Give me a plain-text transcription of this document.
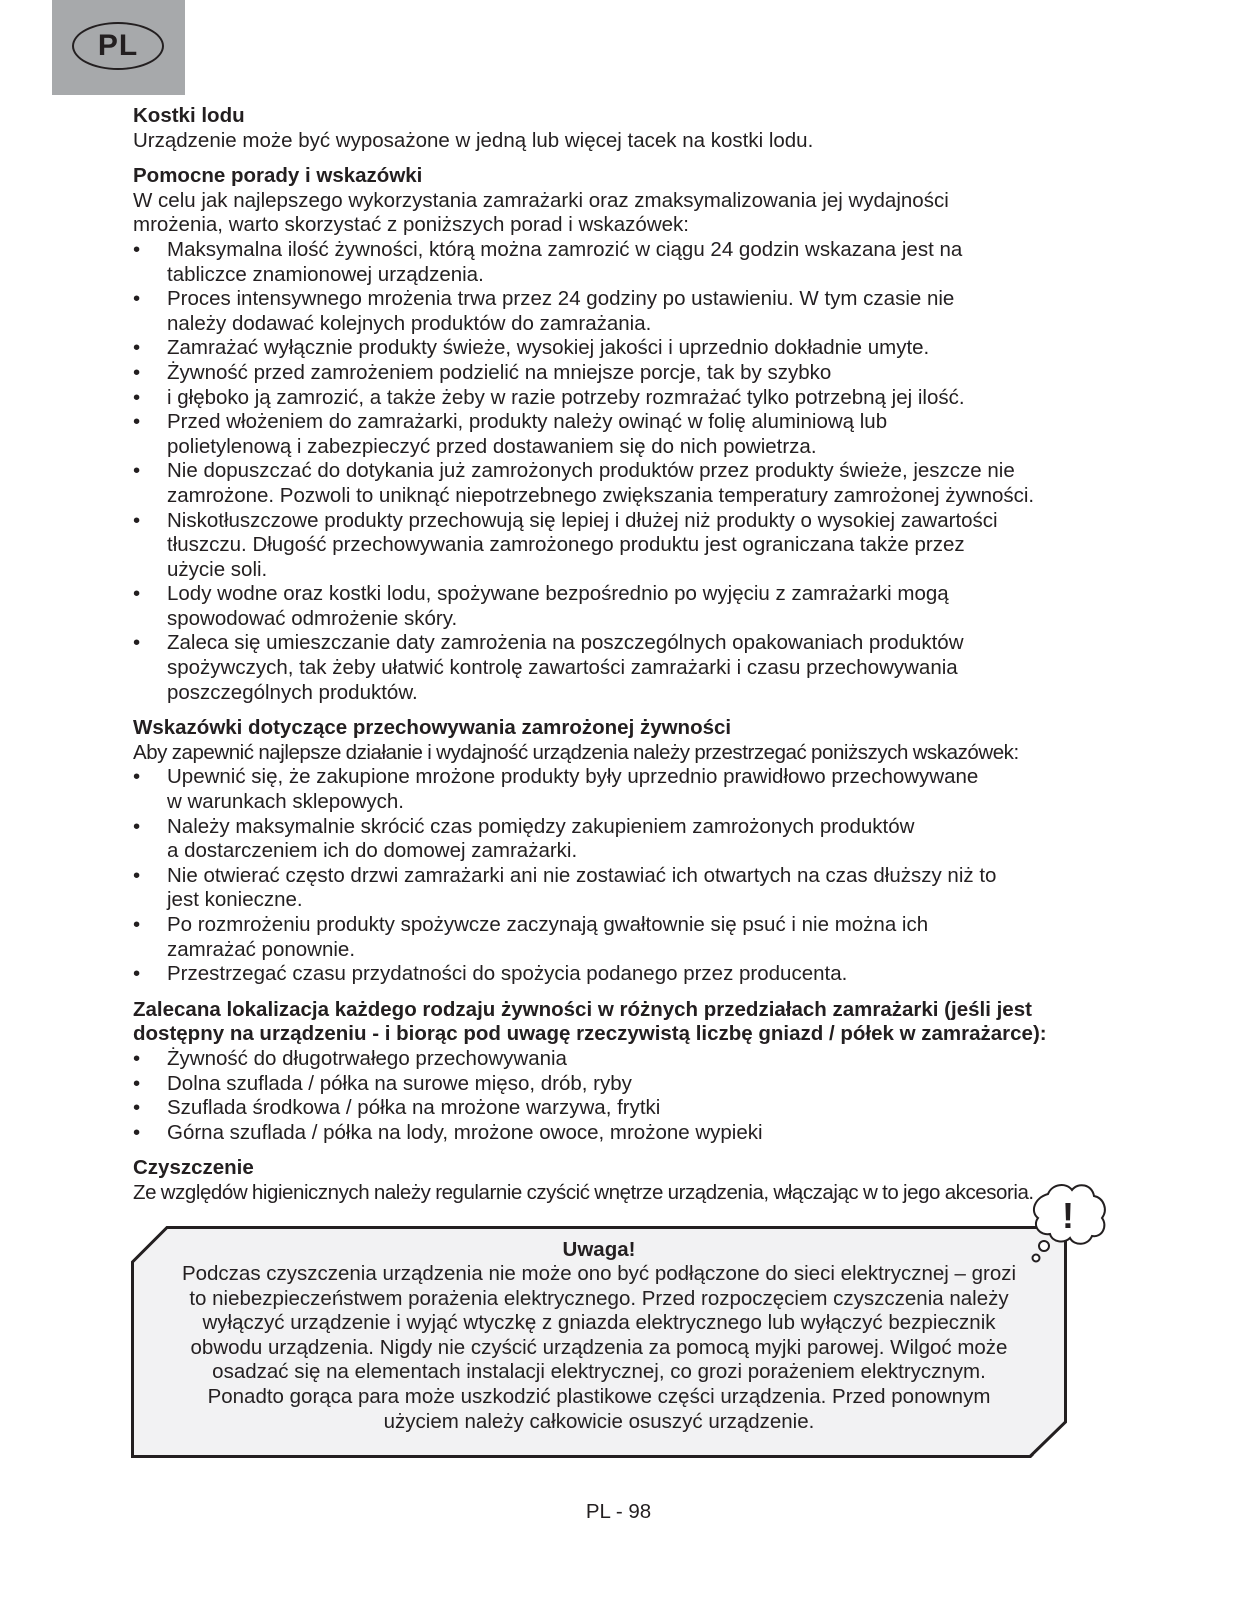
PL
Kostki lodu
Urządzenie może być wyposażone w jedną lub więcej tacek na kostki lodu.
Pomocne porady i wskazówki
W celu jak najlepszego wykorzystania zamrażarki oraz zmaksymalizowania jej wydajności
mrożenia, warto skorzystać z poniższych porad i wskazówek:
• Maksymalna ilość żywności, którą można zamrozić w ciągu 24 godzin wskazana jest na
tabliczce znamionowej urządzenia.
• Proces intensywnego mrożenia trwa przez 24 godziny po ustawieniu. W tym czasie nie
należy dodawać kolejnych produktów do zamrażania.
• Zamrażać wyłącznie produkty świeże, wysokiej jakości i uprzednio dokładnie umyte.
• Żywność przed zamrożeniem podzielić na mniejsze porcje, tak by szybko
• i głęboko ją zamrozić, a także żeby w razie potrzeby rozmrażać tylko potrzebną jej ilość.
• Przed włożeniem do zamrażarki, produkty należy owinąć w folię aluminiową lub
polietylenową i zabezpieczyć przed dostawaniem się do nich powietrza.
• Nie dopuszczać do dotykania już zamrożonych produktów przez produkty świeże, jeszcze nie
zamrożone. Pozwoli to uniknąć niepotrzebnego zwiększania temperatury zamrożonej żywności.
• Niskotłuszczowe produkty przechowują się lepiej i dłużej niż produkty o wysokiej zawartości
tłuszczu. Długość przechowywania zamrożonego produktu jest ograniczana także przez
użycie soli.
• Lody wodne oraz kostki lodu, spożywane bezpośrednio po wyjęciu z zamrażarki mogą
spowodować odmrożenie skóry.
• Zaleca się umieszczanie daty zamrożenia na poszczególnych opakowaniach produktów
spożywczych, tak żeby ułatwić kontrolę zawartości zamrażarki i czasu przechowywania
poszczególnych produktów.
Wskazówki dotyczące przechowywania zamrożonej żywności
Aby zapewnić najlepsze działanie i wydajność urządzenia należy przestrzegać poniższych wskazówek:
• Upewnić się, że zakupione mrożone produkty były uprzednio prawidłowo przechowywane
w warunkach sklepowych.
• Należy maksymalnie skrócić czas pomiędzy zakupieniem zamrożonych produktów
a dostarczeniem ich do domowej zamrażarki.
• Nie otwierać często drzwi zamrażarki ani nie zostawiać ich otwartych na czas dłuższy niż to
jest konieczne.
• Po rozmrożeniu produkty spożywcze zaczynają gwałtownie się psuć i nie można ich
zamrażać ponownie.
• Przestrzegać czasu przydatności do spożycia podanego przez producenta.
Zalecana lokalizacja każdego rodzaju żywności w różnych przedziałach zamrażarki (jeśli jest
dostępny na urządzeniu - i biorąc pod uwagę rzeczywistą liczbę gniazd / półek w zamrażarce):
• Żywność do długotrwałego przechowywania
• Dolna szuflada / półka na surowe mięso, drób, ryby
• Szuflada środkowa / półka na mrożone warzywa, frytki
• Górna szuflada / półka na lody, mrożone owoce, mrożone wypieki
Czyszczenie
Ze względów higienicznych należy regularnie czyścić wnętrze urządzenia, włączając w to jego akcesoria.
Uwaga!
Podczas czyszczenia urządzenia nie może ono być podłączone do sieci elektrycznej – grozi
to niebezpieczeństwem porażenia elektrycznego. Przed rozpoczęciem czyszczenia należy
wyłączyć urządzenie i wyjąć wtyczkę z gniazda elektrycznego lub wyłączyć bezpiecznik
obwodu urządzenia. Nigdy nie czyścić urządzenia za pomocą myjki parowej. Wilgoć może
osadzać się na elementach instalacji elektrycznej, co grozi porażeniem elektrycznym.
Ponadto gorąca para może uszkodzić plastikowe części urządzenia. Przed ponownym
użyciem należy całkowicie osuszyć urządzenie.
!
PL - 98
